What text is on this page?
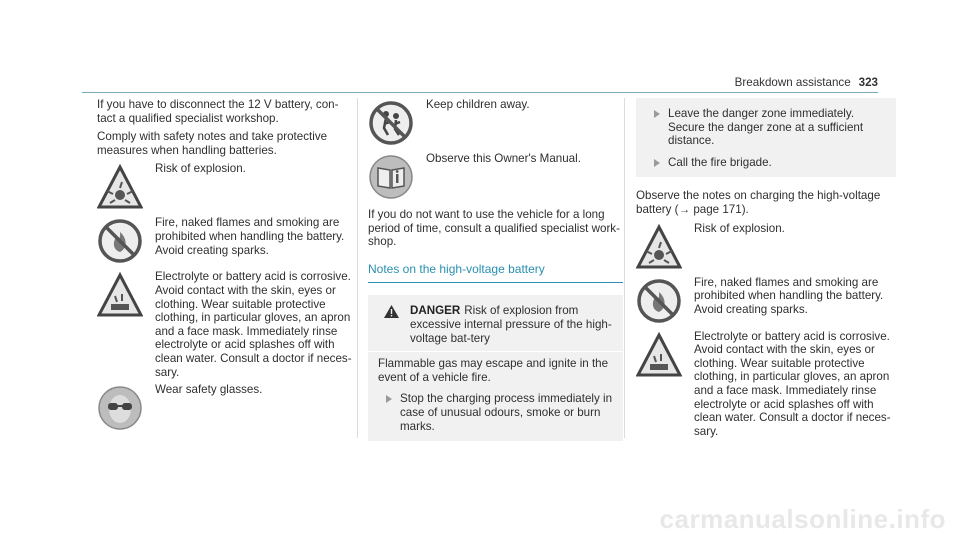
Breakdown assistance 323

If you have to disconnect the 12 V battery, con-tact a qualified specialist workshop.

Comply with safety notes and take protective measures when handling batteries.

Risk of explosion.
Fire, naked flames and smoking are prohibited when handling the battery. Avoid creating sparks.
Electrolyte or battery acid is corrosive. Avoid contact with the skin, eyes or clothing. Wear suitable protective clothing, in particular gloves, an apron and a face mask. Immediately rinse electrolyte or acid splashes off with clean water. Consult a doctor if neces-sary.
Wear safety glasses.
Keep children away.
Observe this Owner's Manual.

If you do not want to use the vehicle for a long period of time, consult a qualified specialist work-shop.

Notes on the high-voltage battery
DANGER Risk of explosion from excessive internal pressure of the high-voltage bat-tery
Flammable gas may escape and ignite in the event of a vehicle fire.
Stop the charging process immediately in case of unusual odours, smoke or burn marks.
Leave the danger zone immediately. Secure the danger zone at a sufficient distance.
Call the fire brigade.

Observe the notes on charging the high-voltage battery (→ page 171).

Risk of explosion.
Fire, naked flames and smoking are prohibited when handling the battery. Avoid creating sparks.
Electrolyte or battery acid is corrosive. Avoid contact with the skin, eyes or clothing. Wear suitable protective clothing, in particular gloves, an apron and a face mask. Immediately rinse electrolyte or acid splashes off with clean water. Consult a doctor if neces-sary.
carmanualsonline.info
